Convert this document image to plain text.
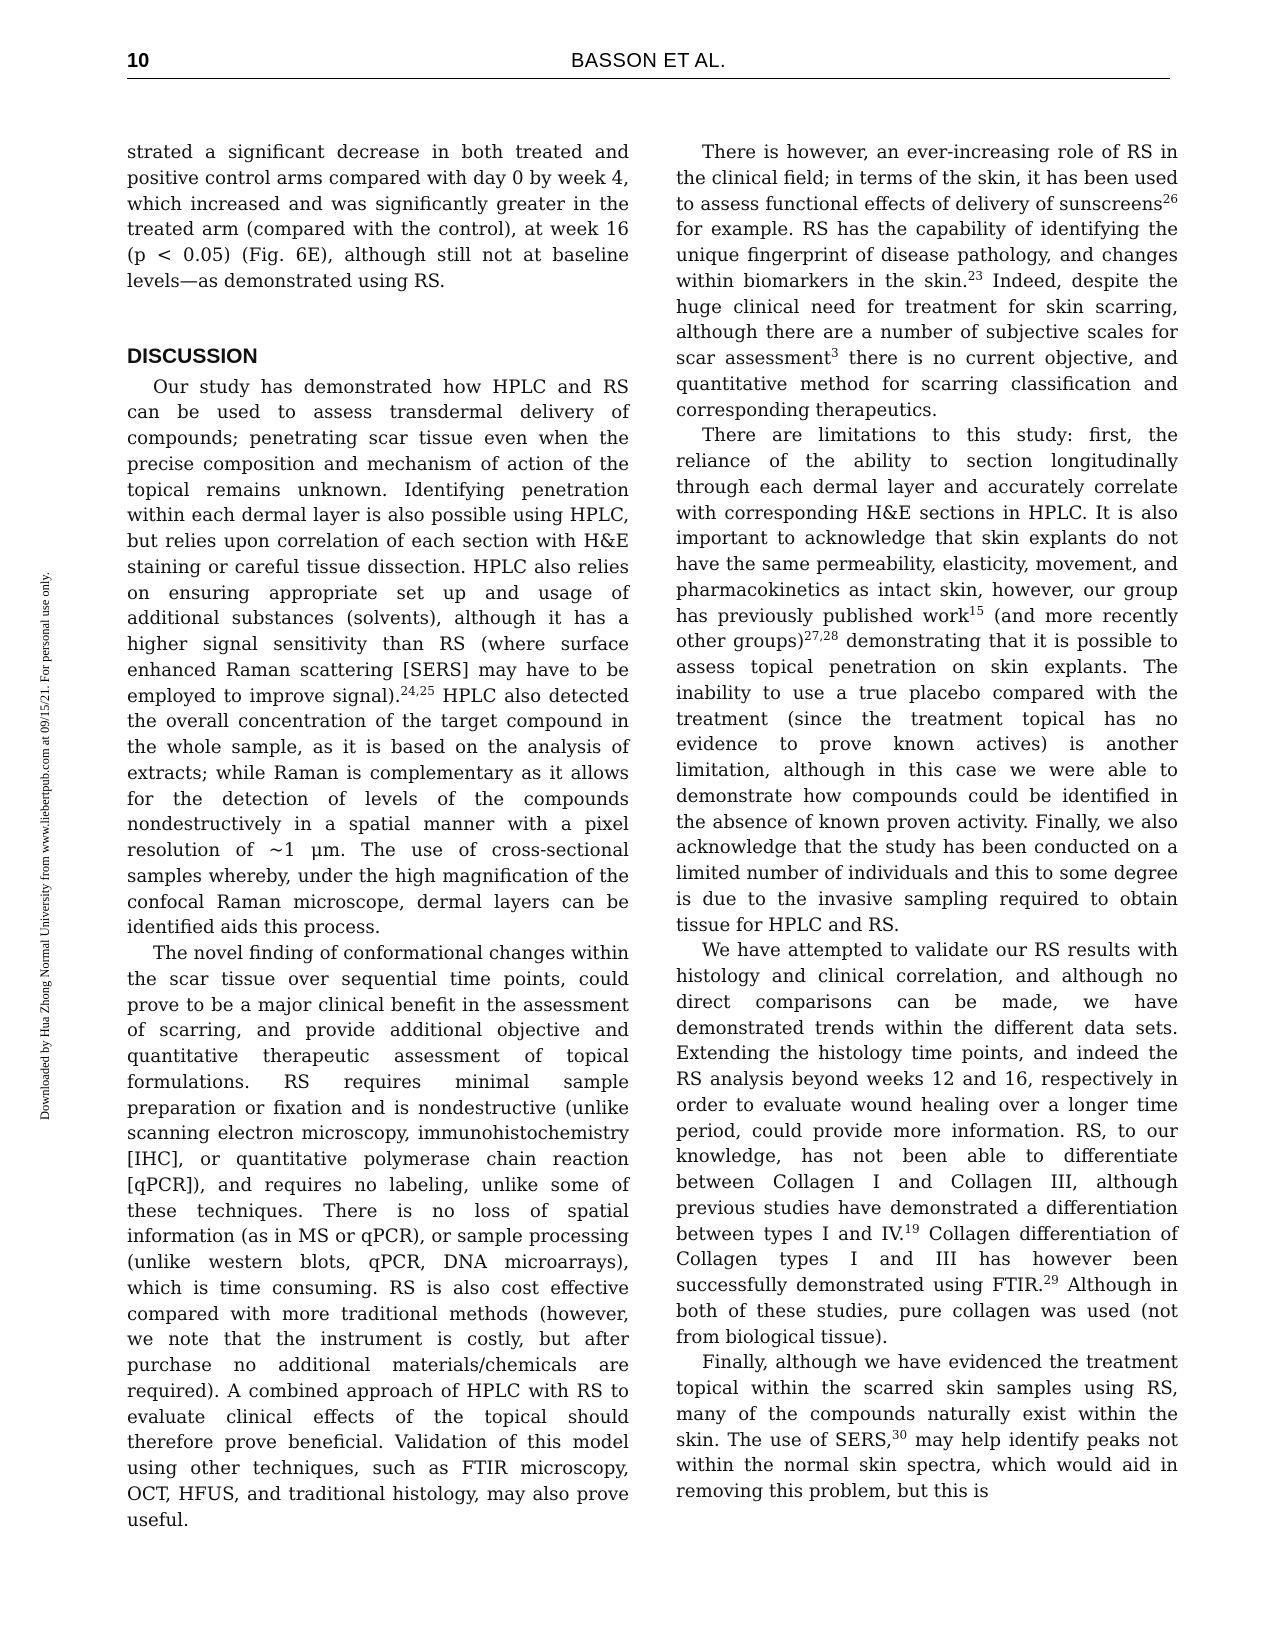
10	BASSON ET AL.
Downloaded by Hua Zhong Normal University from www.liebertpub.com at 09/15/21. For personal use only.

strated a significant decrease in both treated and positive control arms compared with day 0 by week 4, which increased and was significantly greater in the treated arm (compared with the control), at week 16 (p < 0.05) (Fig. 6E), although still not at baseline levels—as demonstrated using RS.

DISCUSSION

Our study has demonstrated how HPLC and RS can be used to assess transdermal delivery of compounds; penetrating scar tissue even when the precise composition and mechanism of action of the topical remains unknown. Identifying penetration within each dermal layer is also possible using HPLC, but relies upon correlation of each section with H&E staining or careful tissue dissection. HPLC also relies on ensuring appropriate set up and usage of additional substances (solvents), although it has a higher signal sensitivity than RS (where surface enhanced Raman scattering [SERS] may have to be employed to improve signal).$^{24,25}$ HPLC also detected the overall concentration of the target compound in the whole sample, as it is based on the analysis of extracts; while Raman is complementary as it allows for the detection of levels of the compounds nondestructively in a spatial manner with a pixel resolution of ~1 μm. The use of cross-sectional samples whereby, under the high magnification of the confocal Raman microscope, dermal layers can be identified aids this process.

The novel finding of conformational changes within the scar tissue over sequential time points, could prove to be a major clinical benefit in the assessment of scarring, and provide additional objective and quantitative therapeutic assessment of topical formulations. RS requires minimal sample preparation or fixation and is nondestructive (unlike scanning electron microscopy, immunohistochemistry [IHC], or quantitative polymerase chain reaction [qPCR]), and requires no labeling, unlike some of these techniques. There is no loss of spatial information (as in MS or qPCR), or sample processing (unlike western blots, qPCR, DNA microarrays), which is time consuming. RS is also cost effective compared with more traditional methods (however, we note that the instrument is costly, but after purchase no additional materials/chemicals are required). A combined approach of HPLC with RS to evaluate clinical effects of the topical should therefore prove beneficial. Validation of this model using other techniques, such as FTIR microscopy, OCT, HFUS, and traditional histology, may also prove useful.

There is however, an ever-increasing role of RS in the clinical field; in terms of the skin, it has been used to assess functional effects of delivery of sunscreens$^{26}$ for example. RS has the capability of identifying the unique fingerprint of disease pathology, and changes within biomarkers in the skin.$^{23}$ Indeed, despite the huge clinical need for treatment for skin scarring, although there are a number of subjective scales for scar assessment$^3$ there is no current objective, and quantitative method for scarring classification and corresponding therapeutics.

There are limitations to this study: first, the reliance of the ability to section longitudinally through each dermal layer and accurately correlate with corresponding H&E sections in HPLC. It is also important to acknowledge that skin explants do not have the same permeability, elasticity, movement, and pharmacokinetics as intact skin, however, our group has previously published work$^{15}$ (and more recently other groups)$^{27,28}$ demonstrating that it is possible to assess topical penetration on skin explants. The inability to use a true placebo compared with the treatment (since the treatment topical has no evidence to prove known actives) is another limitation, although in this case we were able to demonstrate how compounds could be identified in the absence of known proven activity. Finally, we also acknowledge that the study has been conducted on a limited number of individuals and this to some degree is due to the invasive sampling required to obtain tissue for HPLC and RS.

We have attempted to validate our RS results with histology and clinical correlation, and although no direct comparisons can be made, we have demonstrated trends within the different data sets. Extending the histology time points, and indeed the RS analysis beyond weeks 12 and 16, respectively in order to evaluate wound healing over a longer time period, could provide more information. RS, to our knowledge, has not been able to differentiate between Collagen I and Collagen III, although previous studies have demonstrated a differentiation between types I and IV.$^{19}$ Collagen differentiation of Collagen types I and III has however been successfully demonstrated using FTIR.$^{29}$ Although in both of these studies, pure collagen was used (not from biological tissue).

Finally, although we have evidenced the treatment topical within the scarred skin samples using RS, many of the compounds naturally exist within the skin. The use of SERS,$^{30}$ may help identify peaks not within the normal skin spectra, which would aid in removing this problem, but this is
